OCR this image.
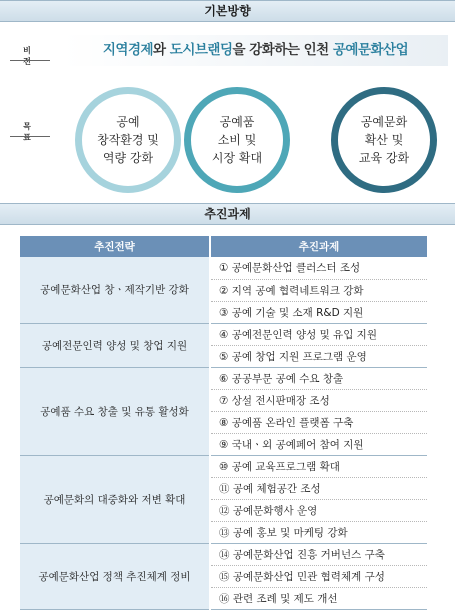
기본방향
비 전
지역경제와 도시브랜딩을 강화하는 인천 공예문화산업
목 표
공예
창작환경 및
역량 강화
공예품
소비 및
시장 확대
공예문화
확산 및
교육 강화
추진과제
추진전략	추진과제
공예문화산업 창ㆍ제작기반 강화	① 공예문화산업 클러스터 조성
	② 지역 공예 협력네트워크 강화
	③ 공예 기술 및 소재 R&D 지원
공예전문인력 양성 및 창업 지원	④ 공예전문인력 양성 및 유입 지원
	⑤ 공예 창업 지원 프로그램 운영
공예품 수요 창출 및 유통 활성화	⑥ 공공부문 공예 수요 창출
	⑦ 상설 전시판매장 조성
	⑧ 공예품 온라인 플랫폼 구축
	⑨ 국내ㆍ외 공예페어 참여 지원
공예문화의 대중화와 저변 확대	⑩ 공예 교육프로그램 확대
	⑪ 공예 체험공간 조성
	⑫ 공예문화행사 운영
	⑬ 공예 홍보 및 마케팅 강화
공예문화산업 정책 추진체계 정비	⑭ 공예문화산업 진흥 거버넌스 구축
	⑮ 공예문화산업 민관 협력체계 구성
	⑯ 관련 조례 및 제도 개선
